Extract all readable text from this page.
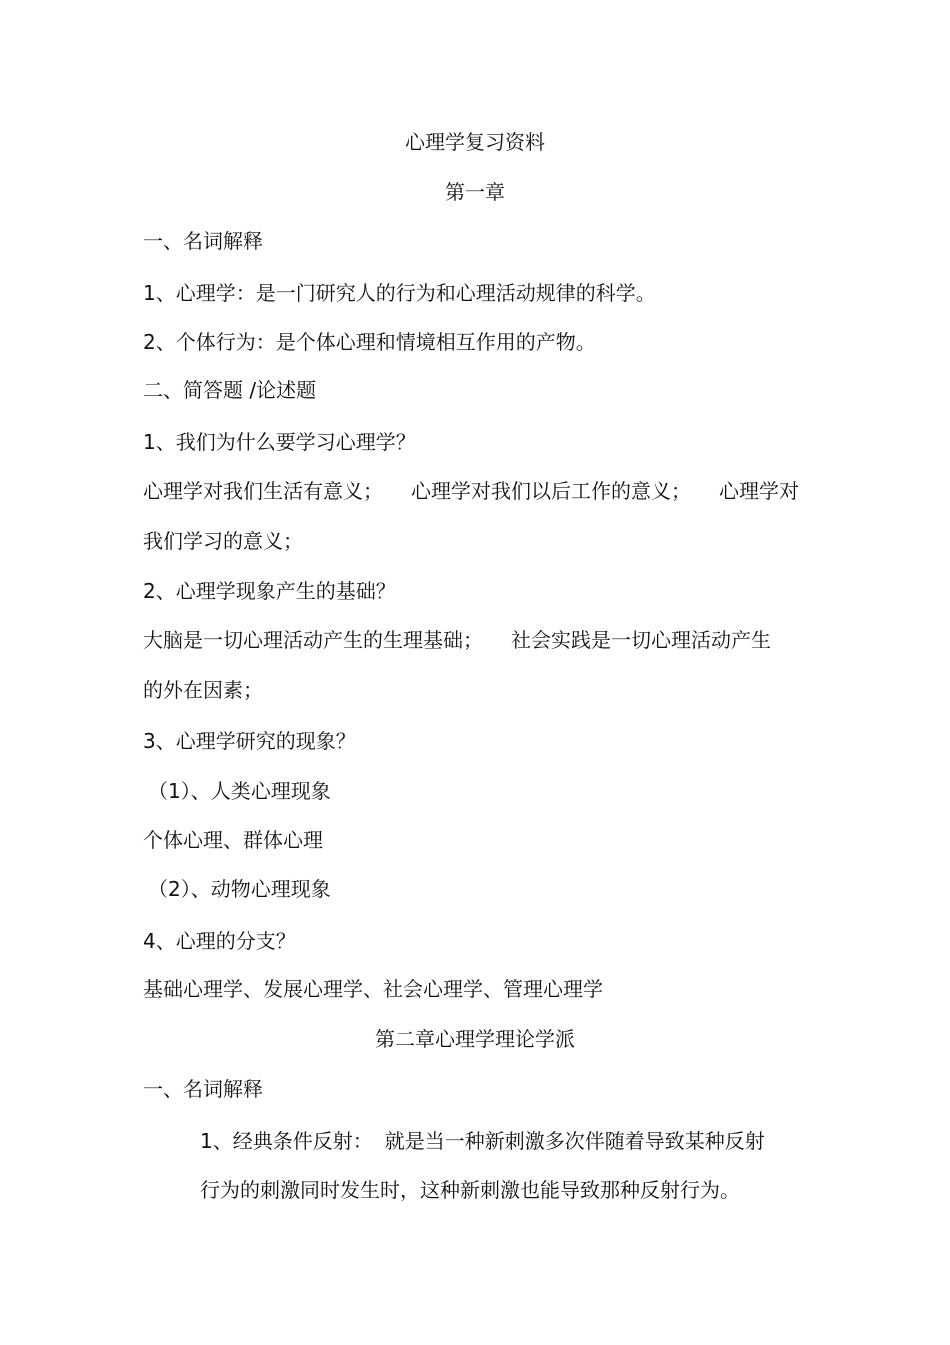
心理学复习资料
第一章
一、名词解释
1、心理学：是一门研究人的行为和心理活动规律的科学。
2、个体行为：是个体心理和情境相互作用的产物。
二、简答题 /论述题
1、我们为什么要学习心理学？
心理学对我们生活有意义； 心理学对我们以后工作的意义； 心理学对
我们学习的意义；
2、心理学现象产生的基础？
大脑是一切心理活动产生的生理基础； 社会实践是一切心理活动产生
的外在因素；
3、心理学研究的现象？
（1）、人类心理现象
个体心理、群体心理
（2）、动物心理现象
4、心理的分支？
基础心理学、发展心理学、社会心理学、管理心理学
第二章心理学理论学派
一、名词解释
1、经典条件反射： 就是当一种新刺激多次伴随着导致某种反射
行为的刺激同时发生时，这种新刺激也能导致那种反射行为。
